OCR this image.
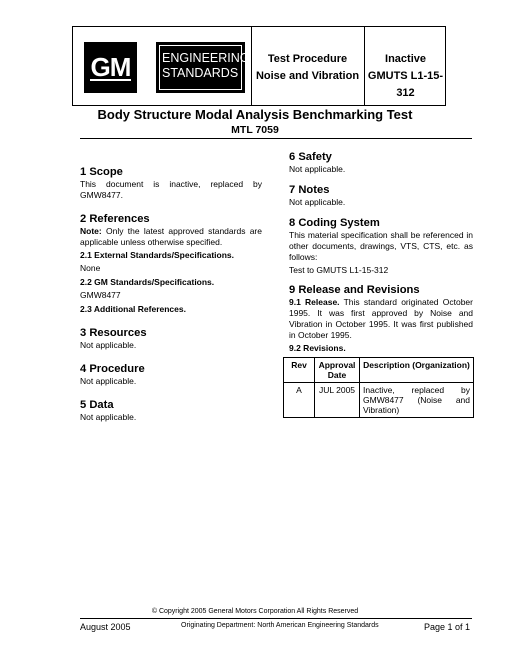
GM	ENGINEERING
STANDARDS
Test Procedure
Noise and Vibration
Inactive
GMUTS L1-15-312
Body Structure Modal Analysis Benchmarking Test
MTL 7059
1 Scope

This document is inactive, replaced by GMW8477.

2 References

Note: Only the latest approved standards are applicable unless otherwise specified.

2.1 External Standards/Specifications.

None

2.2 GM Standards/Specifications.

GMW8477

2.3 Additional References.

3 Resources

Not applicable.

4 Procedure

Not applicable.

5 Data

Not applicable.

6 Safety

Not applicable.

7 Notes

Not applicable.

8 Coding System

This material specification shall be referenced in other documents, drawings, VTS, CTS, etc. as follows:

Test to GMUTS L1-15-312

9 Release and Revisions

9.1 Release. This standard originated October 1995. It was first approved by Noise and Vibration in October 1995. It was first published in October 1995.

9.2 Revisions.

Rev	Approval Date	Description (Organization)
A	JUL 2005	Inactive, replaced by GMW8477 (Noise and Vibration)
© Copyright 2005 General Motors Corporation All Rights Reserved
August 2005	Originating Department: North American Engineering Standards	Page 1 of 1
